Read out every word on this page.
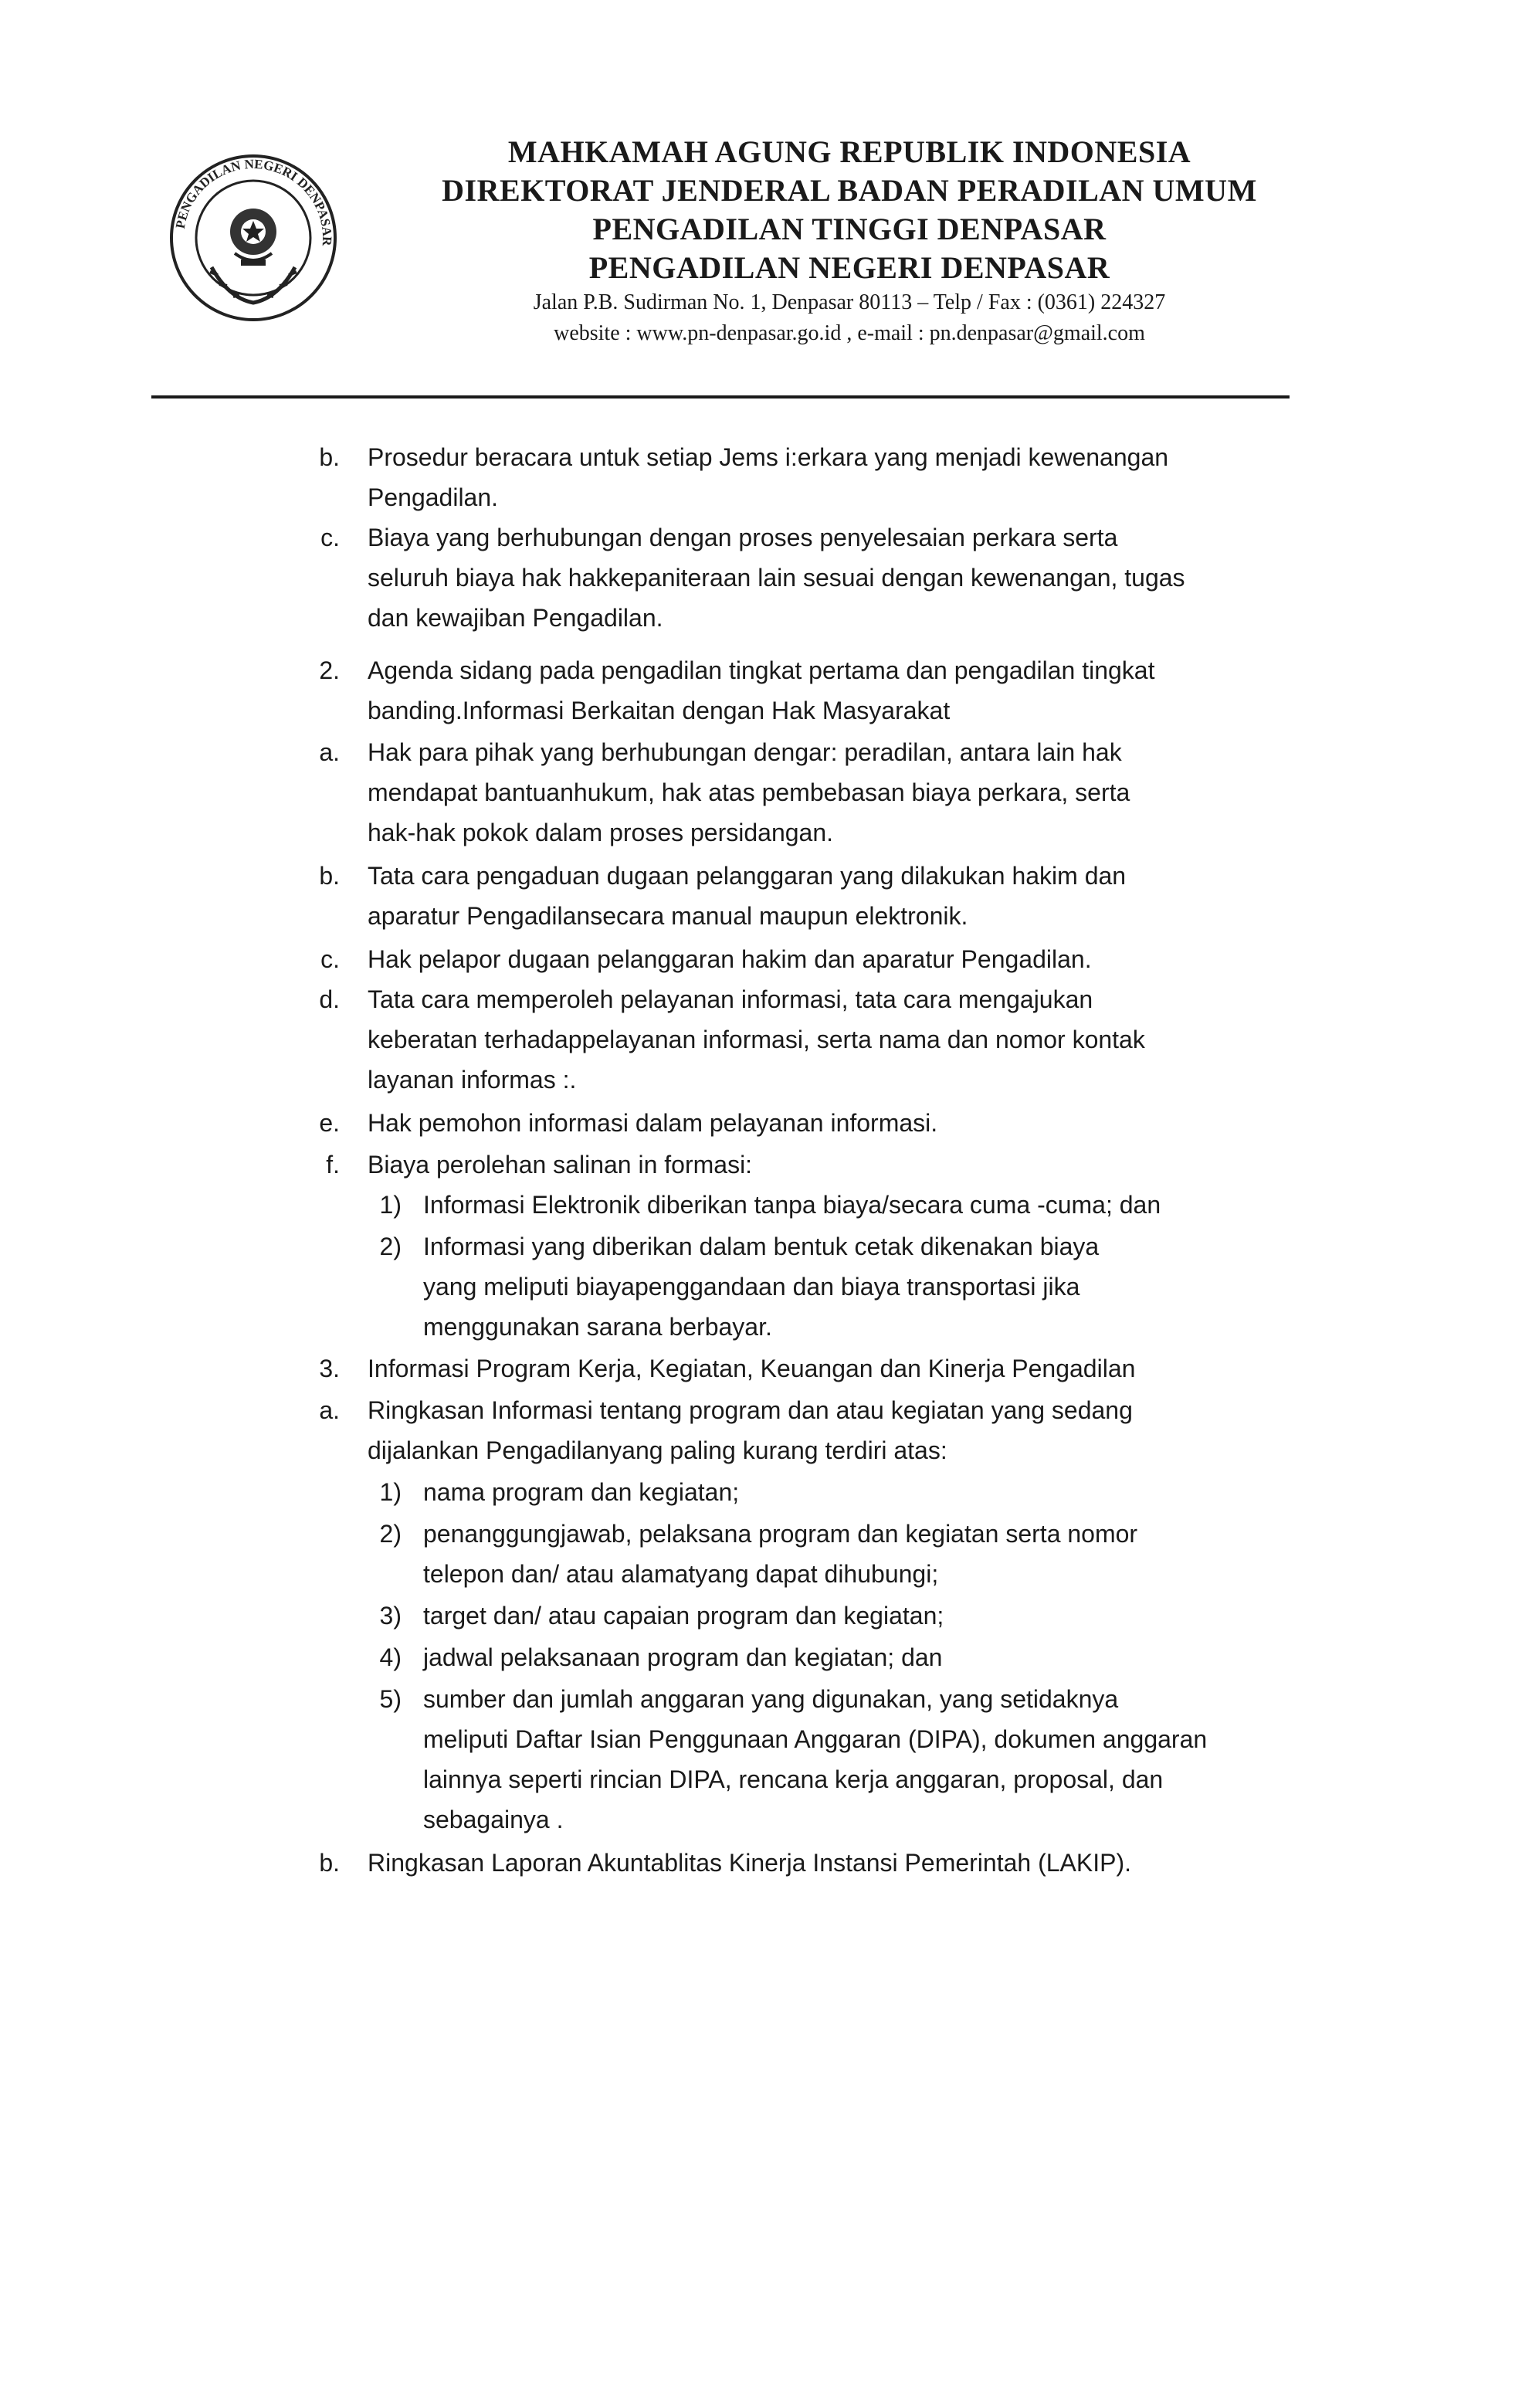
PENGADILAN NEGERI DENPASAR
MAHKAMAH AGUNG REPUBLIK INDONESIA
DIREKTORAT JENDERAL BADAN PERADILAN UMUM
PENGADILAN TINGGI DENPASAR
PENGADILAN NEGERI DENPASAR
Jalan P.B. Sudirman No. 1, Denpasar 80113 – Telp / Fax : (0361) 224327
website : www.pn-denpasar.go.id , e-mail : pn.denpasar@gmail.com
b. Prosedur beracara untuk setiap Jems i:erkara yang menjadi kewenangan
Pengadilan.
c. Biaya yang berhubungan dengan proses penyelesaian perkara serta
seluruh biaya hak hakkepaniteraan lain sesuai dengan kewenangan, tugas
dan kewajiban Pengadilan.
2. Agenda sidang pada pengadilan tingkat pertama dan pengadilan tingkat
banding.Informasi Berkaitan dengan Hak Masyarakat
a. Hak para pihak yang berhubungan dengar: peradilan, antara lain hak
mendapat bantuanhukum, hak atas pembebasan biaya perkara, serta
hak-hak pokok dalam proses persidangan.
b. Tata cara pengaduan dugaan pelanggaran yang dilakukan hakim dan
aparatur Pengadilansecara manual maupun elektronik.
c. Hak pelapor dugaan pelanggaran hakim dan aparatur Pengadilan.
d. Tata cara memperoleh pelayanan informasi, tata cara mengajukan
keberatan terhadappelayanan informasi, serta nama dan nomor kontak
layanan informas :.
e. Hak pemohon informasi dalam pelayanan informasi.
f. Biaya perolehan salinan in formasi:
1) Informasi Elektronik diberikan tanpa biaya/secara cuma -cuma; dan
2) Informasi yang diberikan dalam bentuk cetak dikenakan biaya
yang meliputi biayapenggandaan dan biaya transportasi jika
menggunakan sarana berbayar.
3. Informasi Program Kerja, Kegiatan, Keuangan dan Kinerja Pengadilan
a. Ringkasan Informasi tentang program dan atau kegiatan yang sedang
dijalankan Pengadilanyang paling kurang terdiri atas:
1) nama program dan kegiatan;
2) penanggungjawab, pelaksana program dan kegiatan serta nomor
telepon dan/ atau alamatyang dapat dihubungi;
3) target dan/ atau capaian program dan kegiatan;
4) jadwal pelaksanaan program dan kegiatan; dan
5) sumber dan jumlah anggaran yang digunakan, yang setidaknya
meliputi Daftar Isian Penggunaan Anggaran (DIPA), dokumen anggaran
lainnya seperti rincian DIPA, rencana kerja anggaran, proposal, dan
sebagainya .
b. Ringkasan Laporan Akuntablitas Kinerja Instansi Pemerintah (LAKIP).
